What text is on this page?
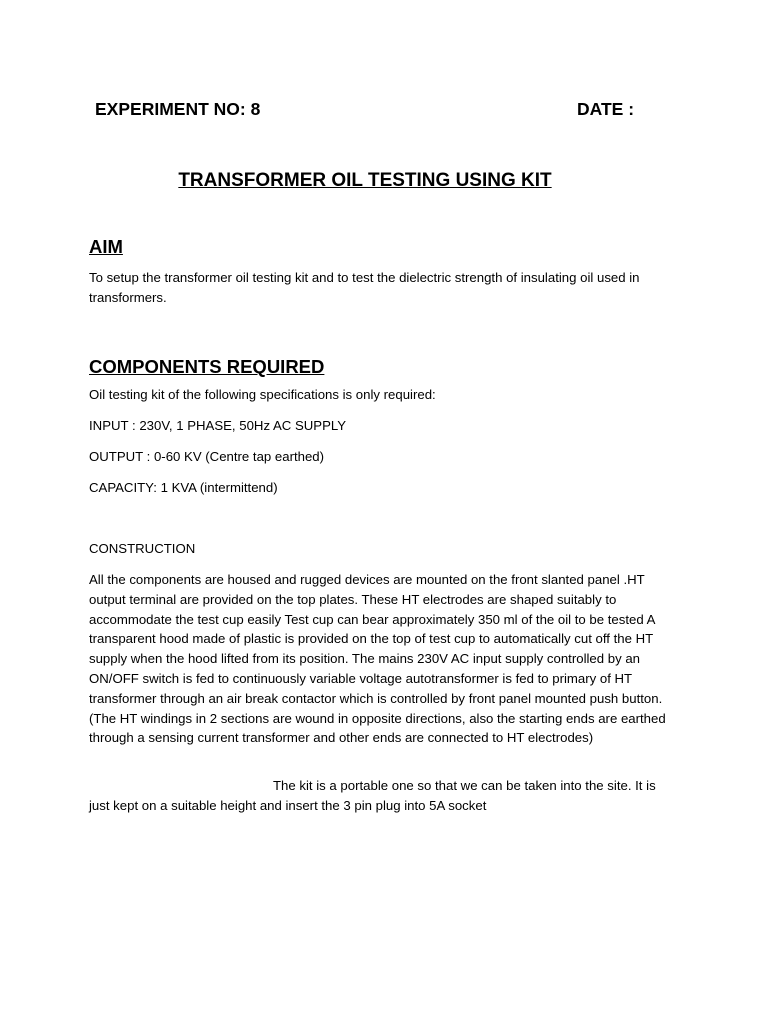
EXPERIMENT NO: 8	DATE :
TRANSFORMER OIL TESTING USING KIT
AIM

To setup the transformer oil testing kit and to test the dielectric strength of insulating oil used in transformers.

COMPONENTS REQUIRED

Oil testing kit of the following specifications is only required:

INPUT : 230V, 1 PHASE, 50Hz AC SUPPLY

OUTPUT : 0-60 KV (Centre tap earthed)

CAPACITY: 1 KVA (intermittend)

CONSTRUCTION

All the components are housed and rugged devices are mounted on the front slanted panel .HT output terminal are provided on the top plates. These HT electrodes are shaped suitably to accommodate the test cup easily Test cup can bear approximately 350 ml of the oil to be tested A transparent hood made of plastic is provided on the top of test cup to automatically cut off the HT supply when the hood lifted from its position. The mains 230V AC input supply controlled by an ON/OFF switch is fed to continuously variable voltage autotransformer is fed to primary of HT transformer through an air break contactor which is controlled by front panel mounted push button. (The HT windings in 2 sections are wound in opposite directions, also the starting ends are earthed through a sensing current transformer and other ends are connected to HT electrodes)

The kit is a portable one so that we can be taken into the site. It is just kept on a suitable height and insert the 3 pin plug into 5A socket
